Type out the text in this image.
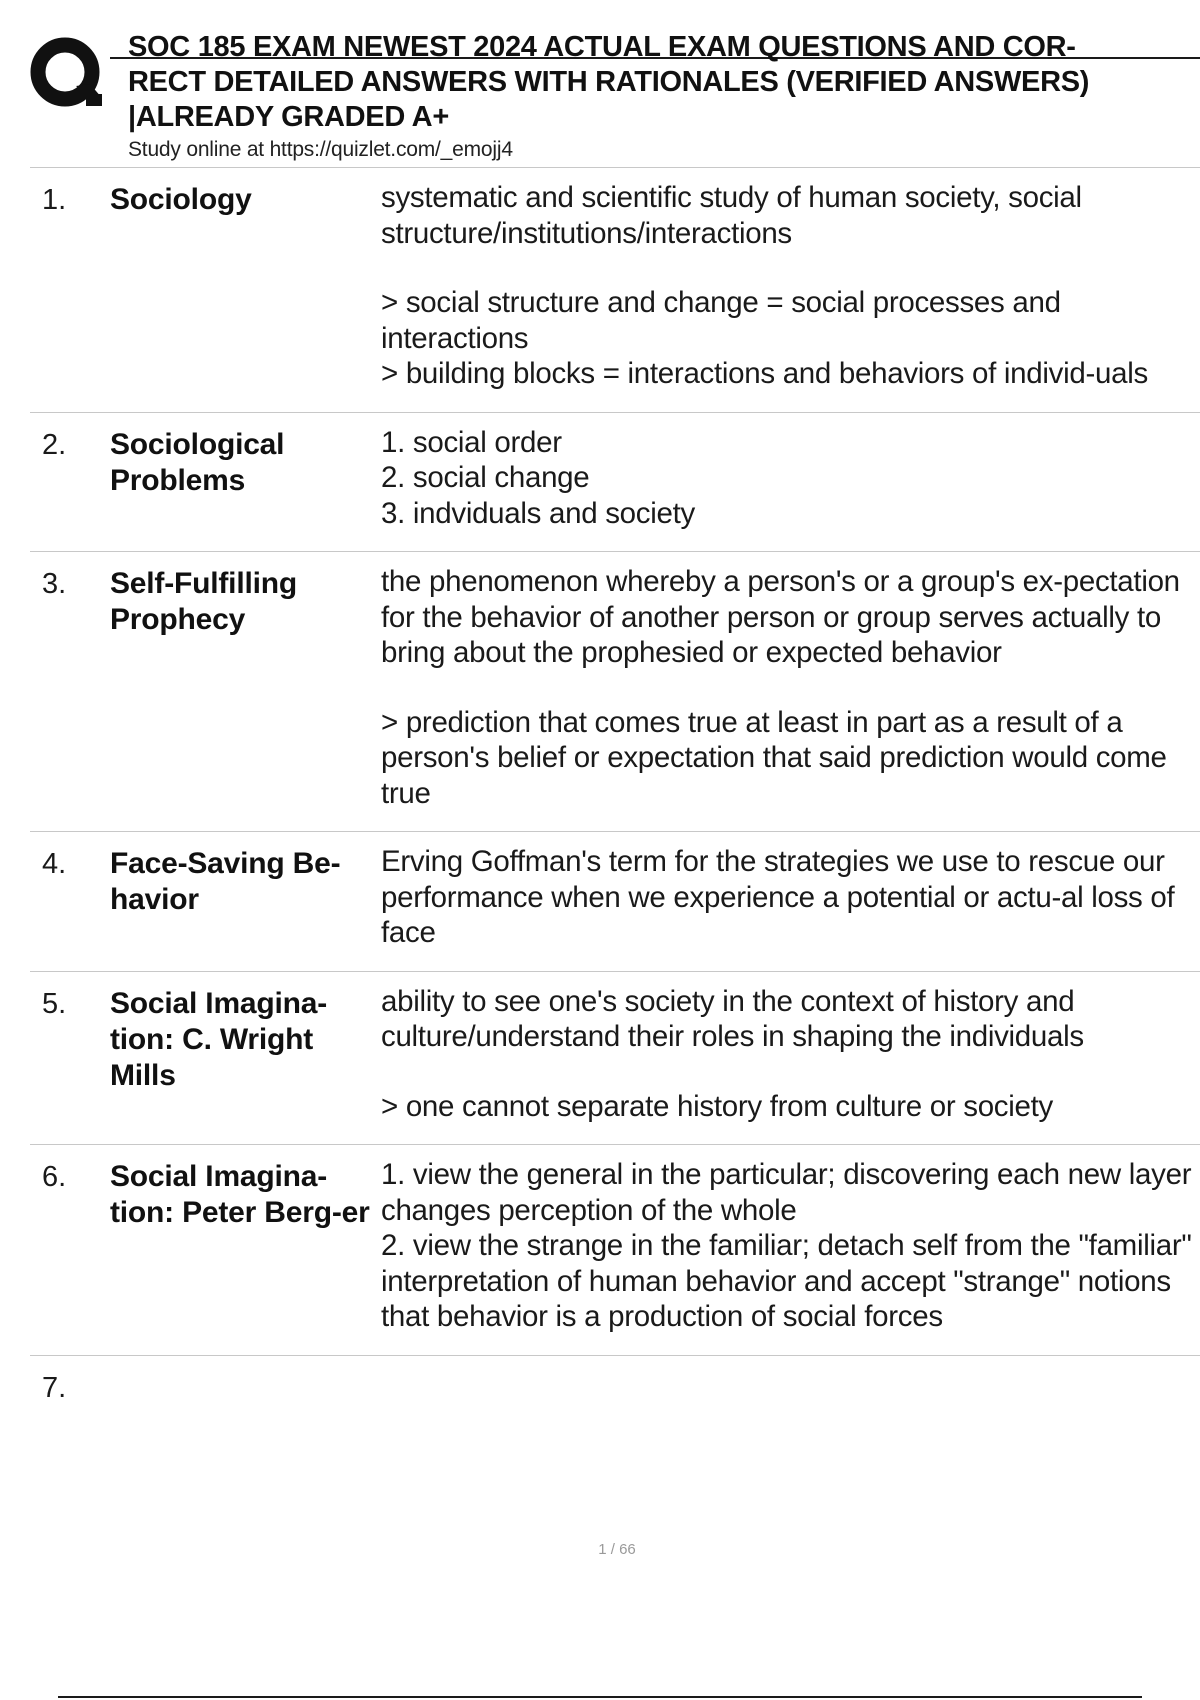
SOC 185 EXAM NEWEST 2024 ACTUAL EXAM QUESTIONS AND COR-
RECT DETAILED ANSWERS WITH RATIONALES (VERIFIED ANSWERS)
|ALREADY GRADED A+
Study online at https://quizlet.com/_emojj4
1. Sociology	systematic and scientific study of human society, social structure/institutions/interactions

> social structure and change = social processes and interactions
> building blocks = interactions and behaviors of individ-uals

2. Sociological Problems

1. social order
2. social change
3. indviduals and society

3. Self-Fulfilling Prophecy

the phenomenon whereby a person's or a group's ex-pectation for the behavior of another person or group serves actually to bring about the prophesied or expected behavior

> prediction that comes true at least in part as a result of a person's belief or expectation that said prediction would come true

4. Face-Saving Be-havior

Erving Goffman's term for the strategies we use to rescue our performance when we experience a potential or actu-al loss of face

5. Social Imagina-tion: C. Wright Mills

ability to see one's society in the context of history and culture/understand their roles in shaping the individuals

> one cannot separate history from culture or society

6. Social Imagina-tion: Peter Berg-er

1. view the general in the particular; discovering each new layer changes perception of the whole
2. view the strange in the familiar; detach self from the "familiar" interpretation of human behavior and accept "strange" notions that behavior is a production of social forces

7.
1 / 66
